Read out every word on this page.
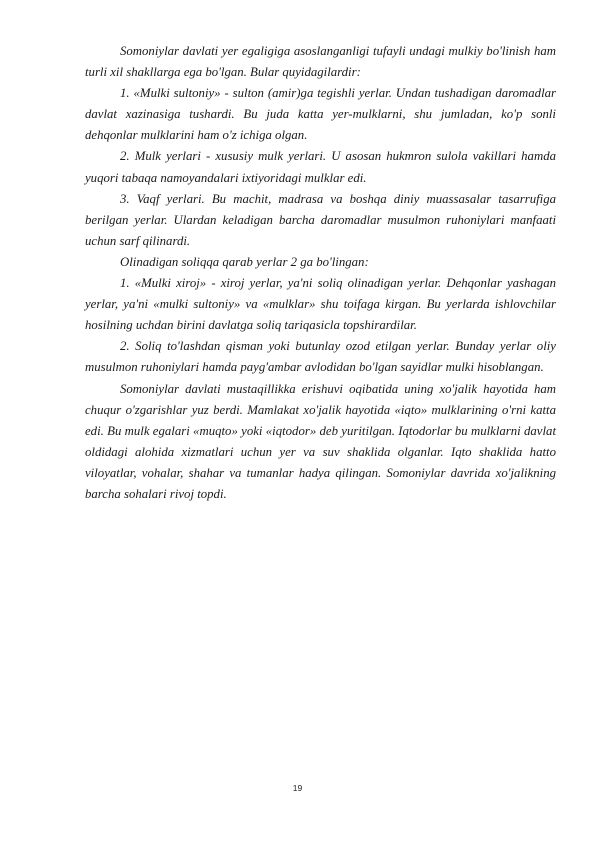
Somoniylar davlati yer egaligiga asoslanganligi tufayli undagi mulkiy bo'linish ham turli xil shakllarga ega bo'lgan. Bular quyidagilardir:

1. «Mulki sultoniy» - sulton (amir)ga tegishli yerlar. Undan tushadigan daromadlar davlat xazinasiga tushardi. Bu juda katta yer-mulklarni, shu jumladan, ko'p sonli dehqonlar mulklarini ham o'z ichiga olgan.

2. Mulk yerlari - xususiy mulk yerlari. U asosan hukmron sulola vakillari hamda yuqori tabaqa namoyandalari ixtiyoridagi mulklar edi.

3. Vaqf yerlari. Bu machit, madrasa va boshqa diniy muassasalar tasarrufiga berilgan yerlar. Ulardan keladigan barcha daromadlar musulmon ruhoniylari manfaati uchun sarf qilinardi.

Olinadigan soliqqa qarab yerlar 2 ga bo'lingan:

1. «Mulki xiroj» - xiroj yerlar, ya'ni soliq olinadigan yerlar. Dehqonlar yashagan yerlar, ya'ni «mulki sultoniy» va «mulklar» shu toifaga kirgan. Bu yerlarda ishlovchilar hosilning uchdan birini davlatga soliq tariqasicla topshirardilar.

2. Soliq to'lashdan qisman yoki butunlay ozod etilgan yerlar. Bunday yerlar oliy musulmon ruhoniylari hamda payg'ambar avlodidan bo'lgan sayidlar mulki hisoblangan.

Somoniylar davlati mustaqillikka erishuvi oqibatida uning xo'jalik hayotida ham chuqur o'zgarishlar yuz berdi. Mamlakat xo'jalik hayotida «iqto» mulklarining o'rni katta edi. Bu mulk egalari «muqto» yoki «iqtodor» deb yuritilgan. Iqtodorlar bu mulklarni davlat oldidagi alohida xizmatlari uchun yer va suv shaklida olganlar. Iqto shaklida hatto viloyatlar, vohalar, shahar va tumanlar hadya qilingan. Somoniylar davrida xo'jalikning barcha sohalari rivoj topdi.

19
